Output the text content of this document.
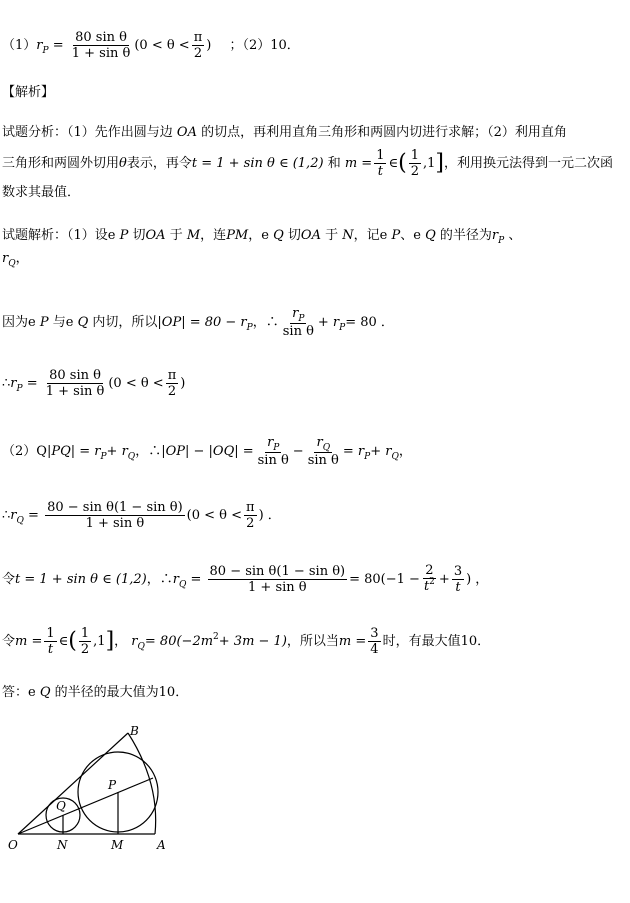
$(1)r_P = \frac{\text{80 sin θ}}{\text{1 + sin θ}} (0 < \theta < \frac{\pi}{2}$ ) ；（2）10．
【解析】
试题分析：（1）先作出圆与边 OA 的切点，再利用直角三角形和两圆内切进行求解；（2）利用直角
三角形和两圆外切用θ表示，再令t = 1 + sin θ ∈ (1,2) 和 $m = \frac{1}{t}$ ∈( $\frac{1}{2} ,1$]，利用换元法得到一元二次函
数求其最值．
试题解析：（1）设e P 切OA 于 M，连PM，e Q 切OA 于 N，记e P、e Q 的半径为$r_P$ 、
$r_Q$，
因为e P 与e Q 内切，所以$|OP| = 80 - r_P$，∴ $\frac{r_P}{\text{sin θ}} + r_P= 80$ ．
$\therefore r_P = \frac{\text{80 sin θ}}{\text{1 + sin θ}} (0 < \theta < \frac{\pi}{2}$ )
$(2)Q|PQ| = r_P+ r_Q$，∴|OP| − $|OQ| = \frac{r_P}{\text{sin θ}} - \frac{r_Q}{\text{sin θ}} = r_P+ r_Q$，
$\therefore r_Q = \frac{\text{80 − sin θ(1 − sin θ)}}{\text{1 + sin θ}} (0 < \theta < \frac{\pi}{2}$ ) ．
令t = 1 + sin θ ∈ (1,2)，$\therefore r_Q = \frac{\text{80 − sin θ(1 − sin θ)}}{\text{1 + sin θ}} = 80(-1 - \frac{2}{t^2} + \frac{3}{t}$ ) ，
令$m = \frac{1}{t}$ ∈( $\frac{1}{2} ,1$]， $r_Q= 80(-2m^2+ 3m - 1)$，所以当$m = \frac{3}{4}$ 时，有最大值10．
答：e Q 的半径的最大值为10．
O	N	M	A
B
P
Q
